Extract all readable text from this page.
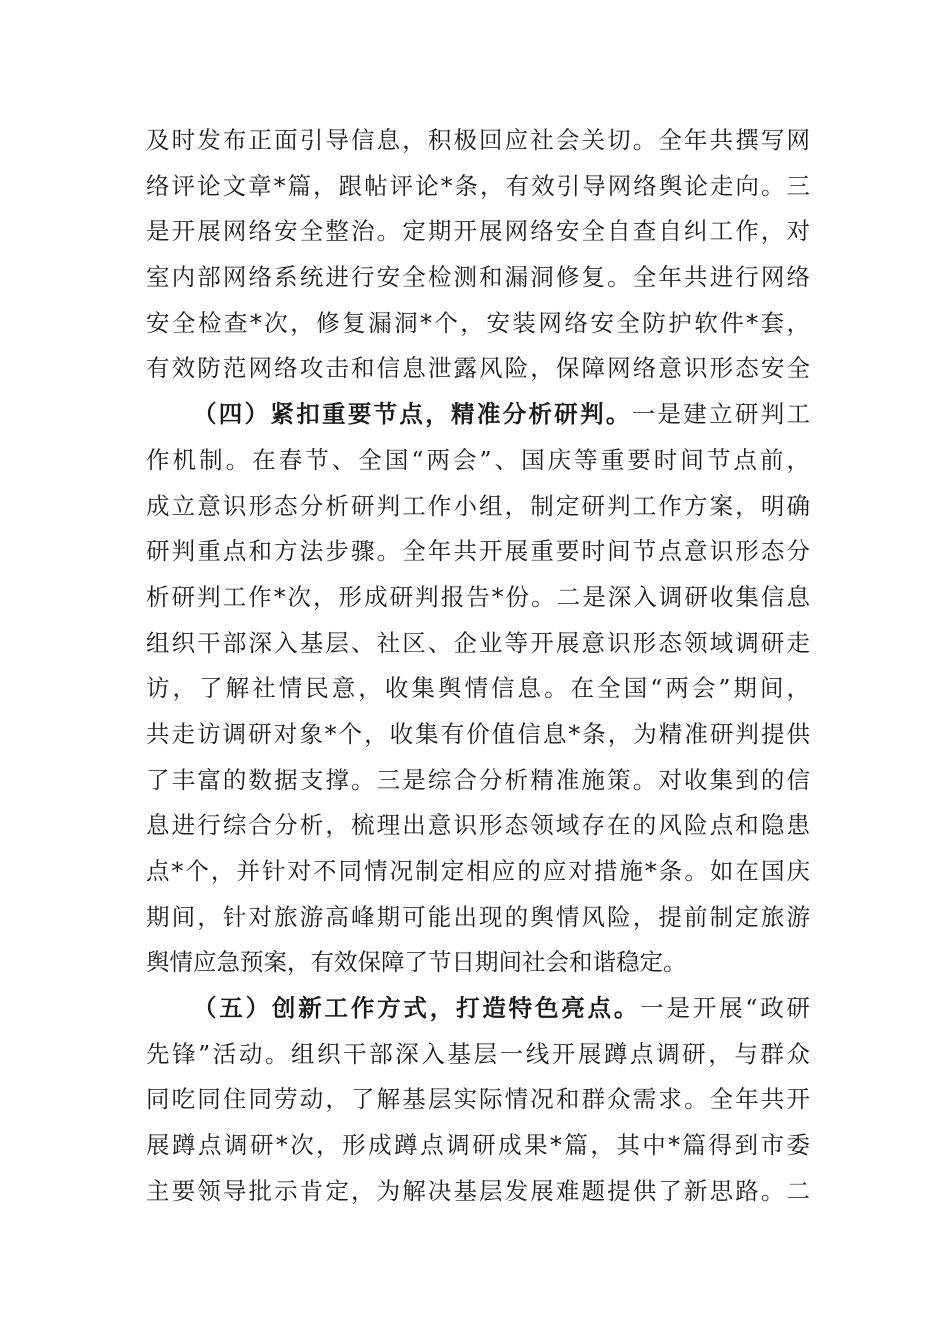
及时发布正面引导信息，积极回应社会关切。全年共撰写网
络评论文章*篇，跟帖评论*条，有效引导网络舆论走向。三
是开展网络安全整治。定期开展网络安全自查自纠工作，对
室内部网络系统进行安全检测和漏洞修复。全年共进行网络
安全检查*次，修复漏洞*个，安装网络安全防护软件*套，
有效防范网络攻击和信息泄露风险，保障网络意识形态安全
（四）紧扣重要节点，精准分析研判。一是建立研判工
作机制。在春节、全国“两会”、国庆等重要时间节点前，
成立意识形态分析研判工作小组，制定研判工作方案，明确
研判重点和方法步骤。全年共开展重要时间节点意识形态分
析研判工作*次，形成研判报告*份。二是深入调研收集信息
组织干部深入基层、社区、企业等开展意识形态领域调研走
访，了解社情民意，收集舆情信息。在全国“两会”期间，
共走访调研对象*个，收集有价值信息*条，为精准研判提供
了丰富的数据支撑。三是综合分析精准施策。对收集到的信
息进行综合分析，梳理出意识形态领域存在的风险点和隐患
点*个，并针对不同情况制定相应的应对措施*条。如在国庆
期间，针对旅游高峰期可能出现的舆情风险，提前制定旅游
舆情应急预案，有效保障了节日期间社会和谐稳定。
（五）创新工作方式，打造特色亮点。一是开展“政研
先锋”活动。组织干部深入基层一线开展蹲点调研，与群众
同吃同住同劳动，了解基层实际情况和群众需求。全年共开
展蹲点调研*次，形成蹲点调研成果*篇，其中*篇得到市委
主要领导批示肯定，为解决基层发展难题提供了新思路。二
